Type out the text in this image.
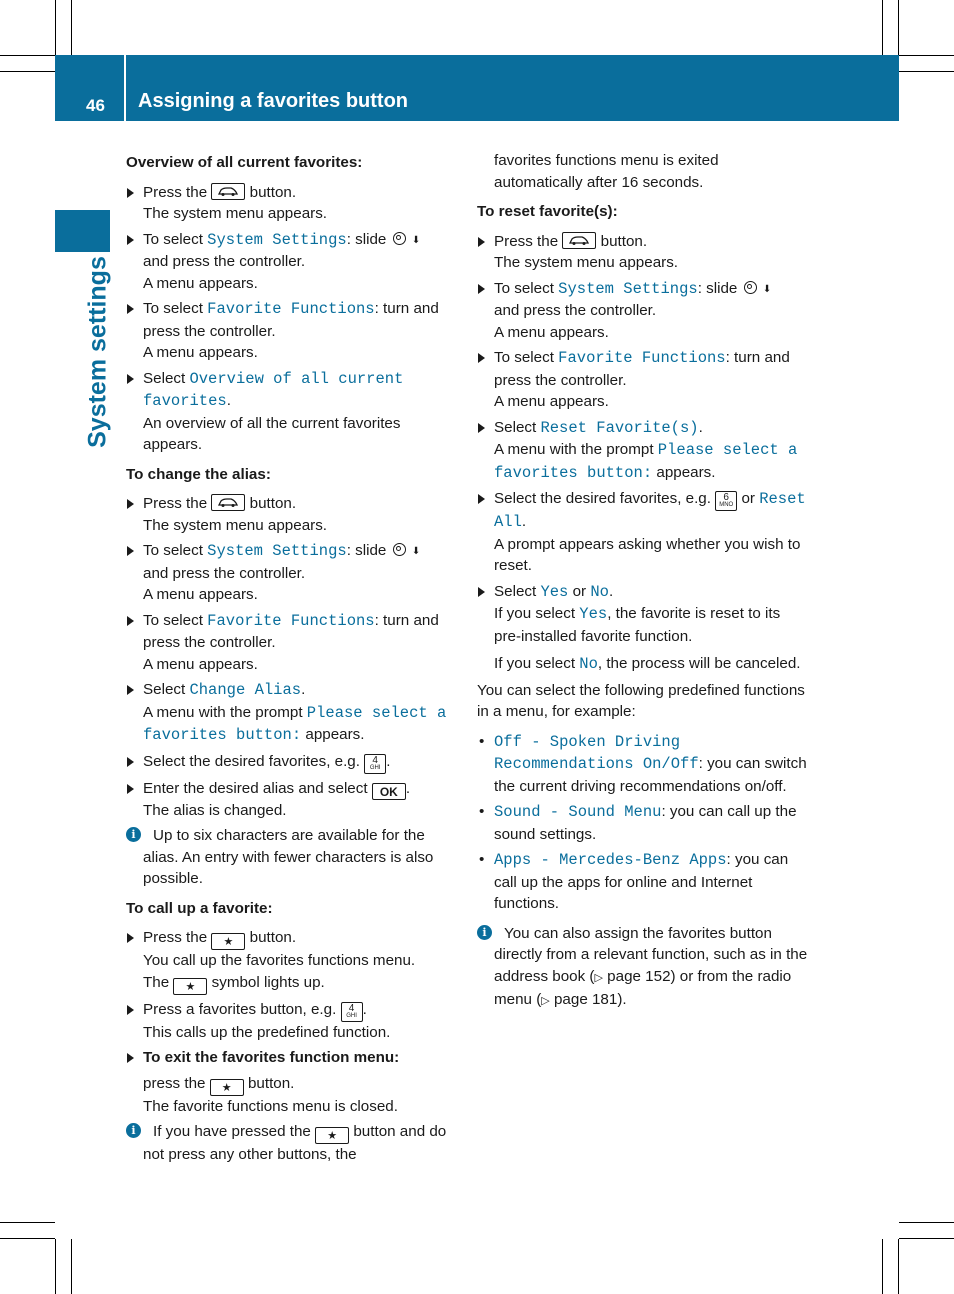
46 Assigning a favorites button
System settings

Overview of all current favorites:

Press the	button.
The system menu appears.
To select System Settings: slide	⬇
and press the controller.
A menu appears.
To select Favorite Functions: turn and press the controller.
A menu appears.
Select Overview of all current favorites.
An overview of all the current favorites appears.

To change the alias:

Press the	button.
The system menu appears.
To select System Settings: slide	⬇
and press the controller.
A menu appears.
To select Favorite Functions: turn and press the controller.
A menu appears.
Select Change Alias.
A menu with the prompt Please select a favorites button: appears.
Select the desired favorites, e.g. 4
GHI .
Enter the desired alias and select OK .
The alias is changed.
i	Up to six characters are available for the alias. An entry with fewer characters is also possible.

To call up a favorite:

Press the ★ button.
You call up the favorites functions menu.
The ★ symbol lights up.
Press a favorites button, e.g. 4
GHI .
This calls up the predefined function.
To exit the favorites function menu:
press the ★ button.
The favorite functions menu is closed.
i	If you have pressed the ★ button and do not press any other buttons, the

favorites functions menu is exited automatically after 16 seconds.

To reset favorite(s):

Press the	button.
The system menu appears.
To select System Settings: slide	⬇
and press the controller.
A menu appears.
To select Favorite Functions: turn and press the controller.
A menu appears.
Select Reset Favorite(s).
A menu with the prompt Please select a favorites button: appears.
Select the desired favorites, e.g. 6
MNO or Reset All.
A prompt appears asking whether you wish to reset.
Select Yes or No.
If you select Yes, the favorite is reset to its pre-installed favorite function.
If you select No, the process will be canceled.

You can select the following predefined functions in a menu, for example:

• Off - Spoken Driving Recommendations On/Off: you can switch the current driving recommendations on/off.
• Sound - Sound Menu: you can call up the sound settings.
• Apps - Mercedes-Benz Apps: you can call up the apps for online and Internet functions.
i	You can also assign the favorites button directly from a relevant function, such as in the address book (▷ page 152) or from the radio menu (▷ page 181).
